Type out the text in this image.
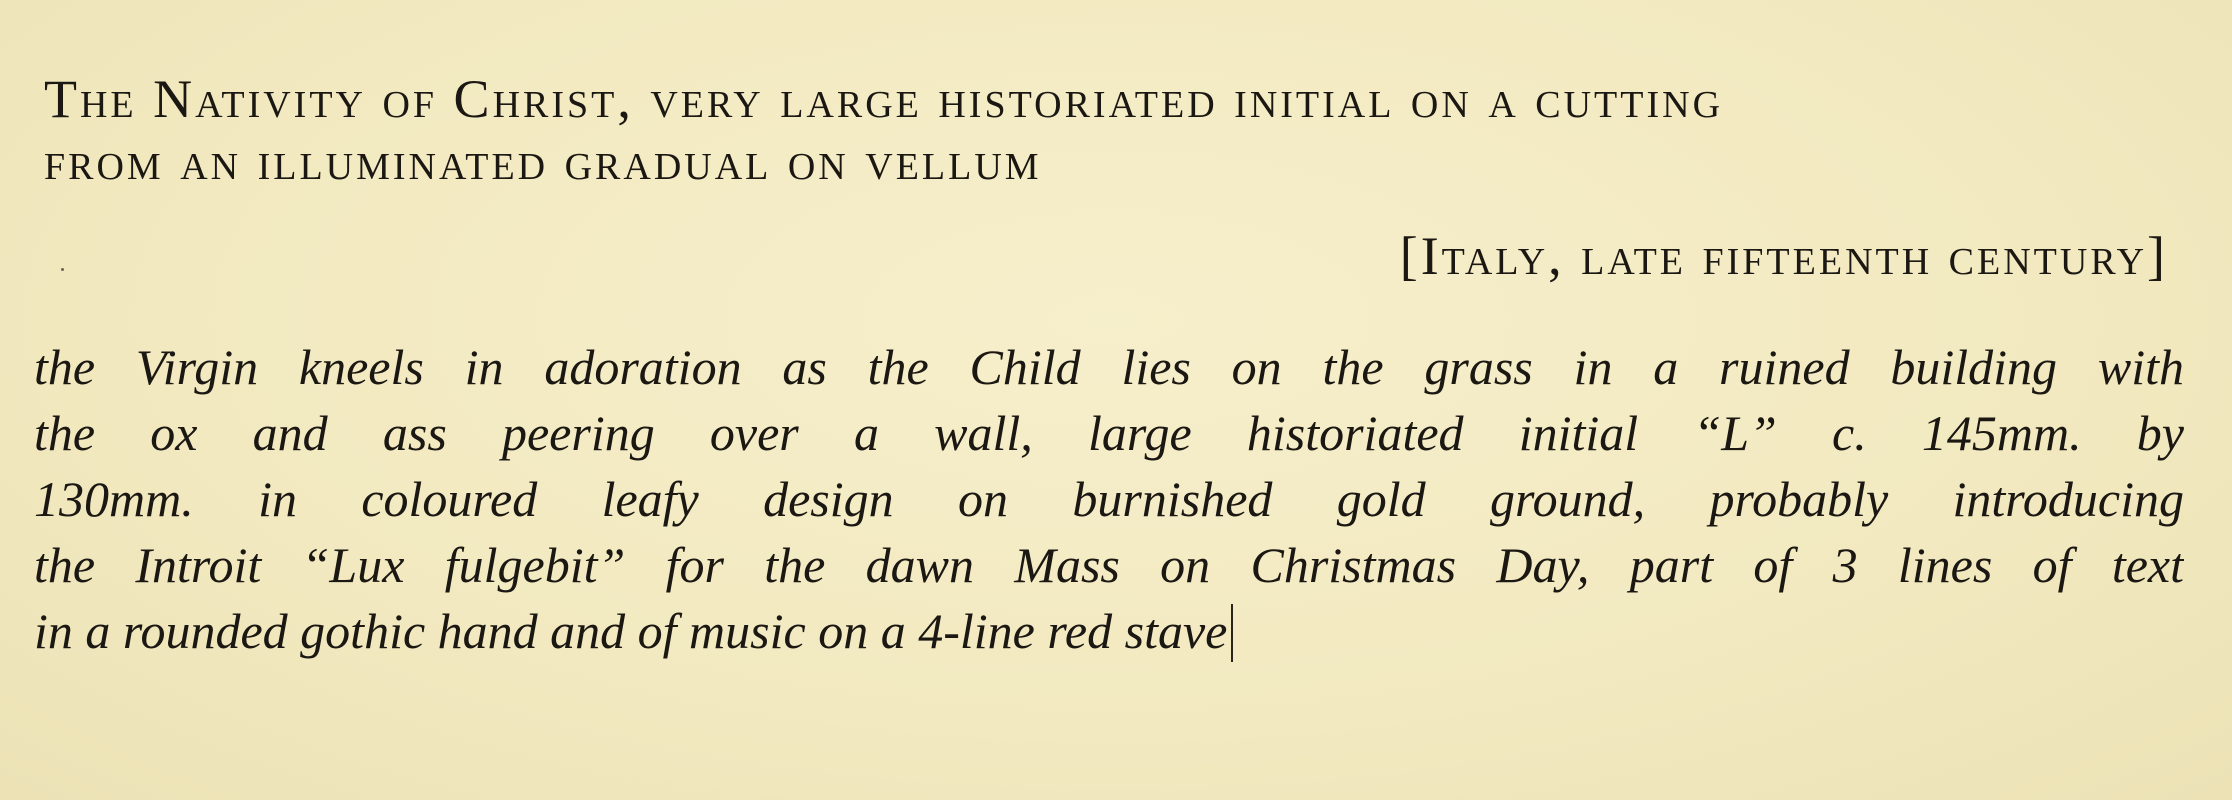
The Nativity of Christ, very large historiated initial on a cutting
from an illuminated gradual on vellum
[Italy, late fifteenth century]
the Virgin kneels in adoration as the Child lies on the grass in a ruined building with
the ox and ass peering over a wall, large historiated initial “L” c. 145mm. by
130mm. in coloured leafy design on burnished gold ground, probably introducing
the Introit “Lux fulgebit” for the dawn Mass on Christmas Day, part of 3 lines of text
in a rounded gothic hand and of music on a 4-line red stave
